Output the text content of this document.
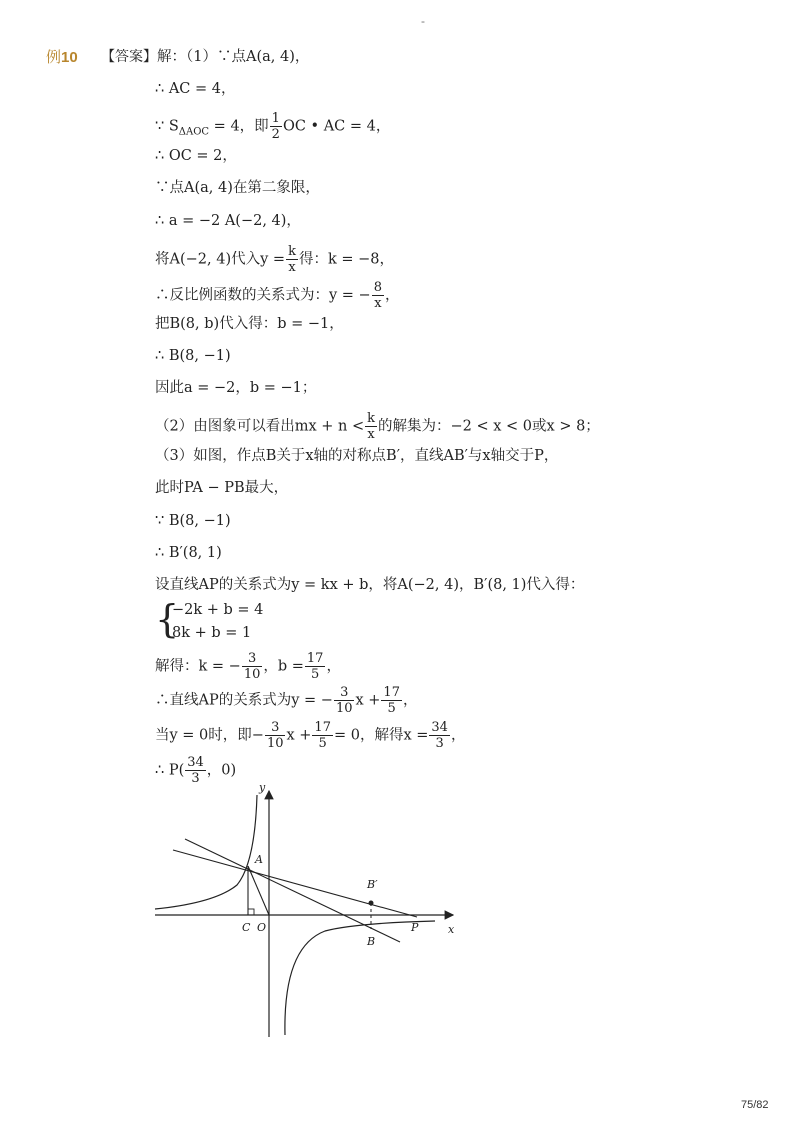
-
例10 【答案】解：（1）∵点A(a, 4)，
∴ AC = 4，
∵ $S_{\Delta AOC} = 4$，即 $\frac{1}{2}$ OC • AC = 4，
∴ OC = 2，
∵点A(a, 4)在第二象限，
∴ a = −2 A(−2, 4)，
将A(−2, 4)代入$y = \frac{k}{x}$ 得：k = −8，
∴反比例函数的关系式为：y = − $\frac{8}{x}$ ，
把B(8, b)代入得：b = −1，
∴ B(8, −1)
因此a = −2，b = −1；
（2）由图象可以看出mx + $n < \frac{k}{x}$ 的解集为：−2 < x < 0或x > 8；
（3）如图，作点B关于x轴的对称点B′，直线AB′与x轴交于P，
此时PA − PB最大，
∵ B(8, −1)
∴ B′(8, 1)
设直线AP的关系式为y = kx + b，将A(−2, 4)，B′(8, 1)代入得：
{
−2k + b = 4
8k + b = 1
解得：k = − $\frac{3}{10}$ ，$b = \frac{17}{5}$ ，
∴直线AP的关系式为y = − $\frac{3}{10}$ $x + \frac{17}{5}$ ，
当y = 0时，即− $\frac{3}{10}$ $x + \frac{17}{5} = 0$，解得$x = \frac{34}{3}$ ，
∴ $P( \frac{34}{3}$ ，0)
y
x
A
B′
B
C O	P
75/82
